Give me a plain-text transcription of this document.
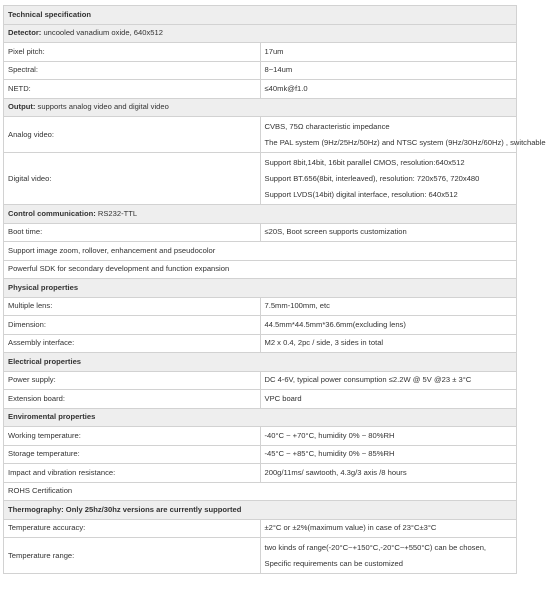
Technical specification	
Detector: uncooled vanadium oxide, 640x512	
Pixel pitch:	17um
Spectral:	8~14um
NETD:	≤40mk@f1.0
Output: supports analog video and digital video	
Analog video:	CVBS, 75Ω characteristic impedance
The PAL system (9Hz/25Hz/50Hz) and NTSC system (9Hz/30Hz/60Hz) , switchable

Digital video:	Support 8bit,14bit, 16bit parallel CMOS, resolution:640x512
Support BT.656(8bit, interleaved), resolution: 720x576, 720x480
Support LVDS(14bit) digital interface, resolution: 640x512

Control communication: RS232-TTL	
Boot time:	≤20S, Boot screen supports customization
Support image zoom, rollover, enhancement and pseudocolor	
Powerful SDK for secondary development and function expansion	
Physical properties	
Multiple lens:	7.5mm-100mm, etc
Dimension:	44.5mm*44.5mm*36.6mm(excluding lens)
Assembly interface:	M2 x 0.4, 2pc / side, 3 sides in total
Electrical properties	
Power supply:	DC 4-6V, typical power consumption ≤2.2W @ 5V @23 ± 3°C
Extension board:	VPC board
Enviromental properties	
Working temperature:	-40°C ~ +70°C, humidity 0% ~ 80%RH
Storage temperature:	-45°C ~ +85°C, humidity 0% ~ 85%RH
Impact and vibration resistance:	200g/11ms/ sawtooth, 4.3g/3 axis /8 hours
ROHS Certification	
Thermography: Only 25hz/30hz versions are currently supported	
Temperature accuracy:	±2°C or ±2%(maximum value) in case of 23°C±3°C
Temperature range:	two kinds of range(-20°C~+150°C,-20°C~+550°C) can be chosen,
Specific requirements can be customized
